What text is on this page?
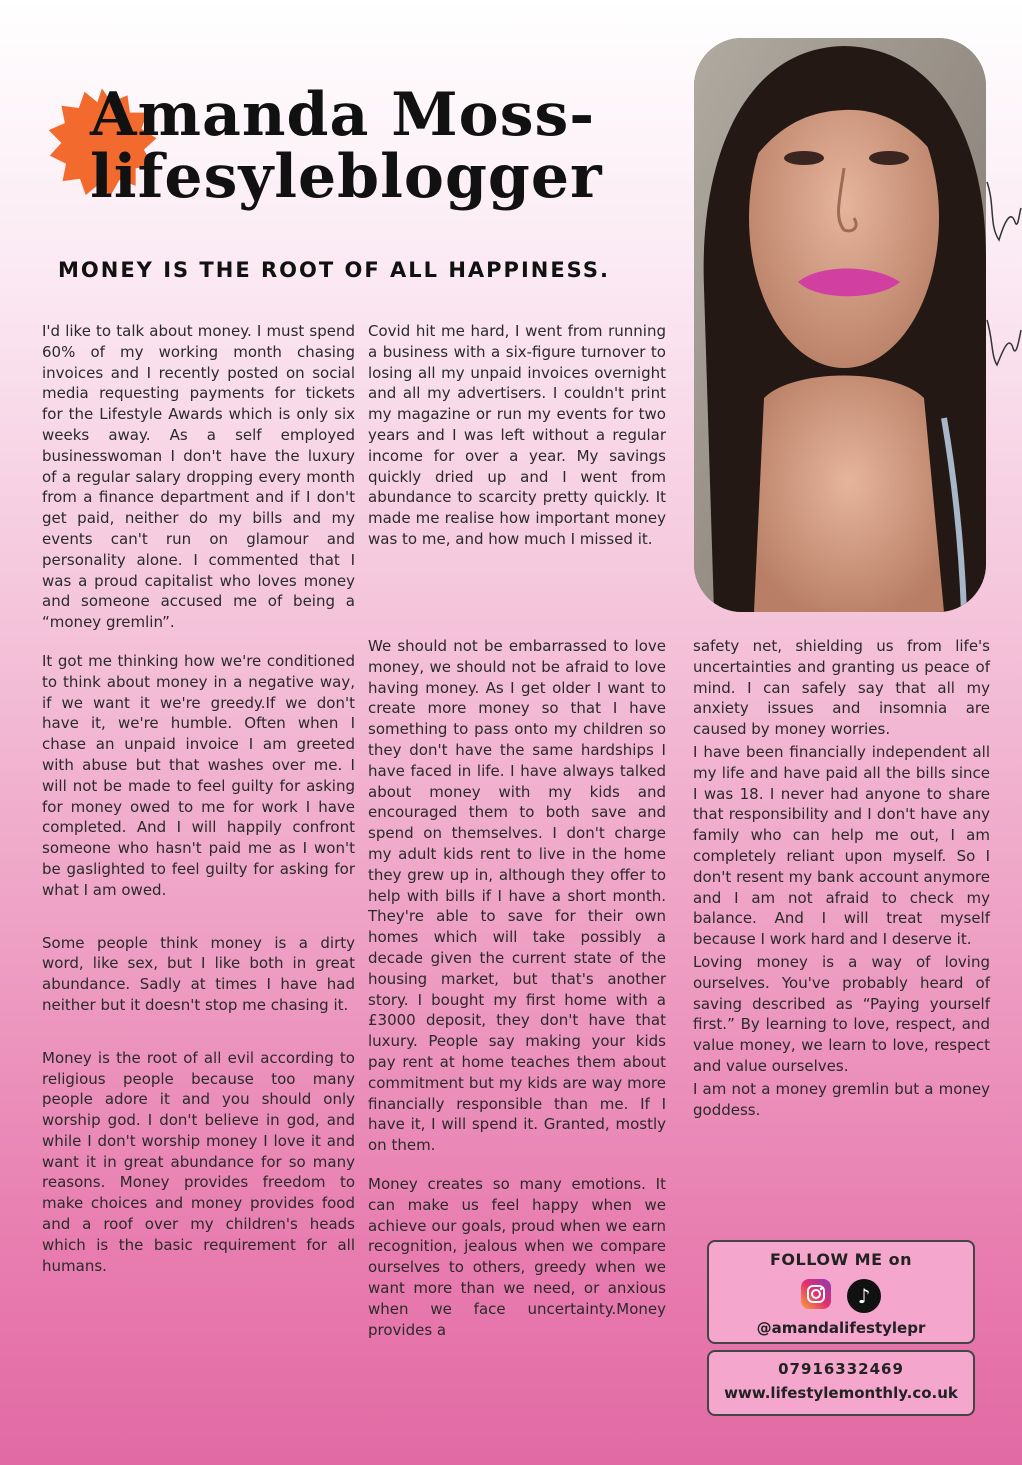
Amanda Moss-
lifesyleblogger
MONEY IS THE ROOT OF ALL HAPPINESS.

I'd like to talk about money. I must spend 60% of my working month chasing invoices and I recently posted on social media requesting payments for tickets for the Lifestyle Awards which is only six weeks away. As a self employed businesswoman I don't have the luxury of a regular salary dropping every month from a finance department and if I don't get paid, neither do my bills and my events can't run on glamour and personality alone. I commented that I was a proud capitalist who loves money and someone accused me of being a “money gremlin”.

It got me thinking how we're conditioned to think about money in a negative way, if we want it we're greedy.If we don't have it, we're humble. Often when I chase an unpaid invoice I am greeted with abuse but that washes over me. I will not be made to feel guilty for asking for money owed to me for work I have completed. And I will happily confront someone who hasn't paid me as I won't be gaslighted to feel guilty for asking for what I am owed.

Some people think money is a dirty word, like sex, but I like both in great abundance. Sadly at times I have had neither but it doesn't stop me chasing it.

Money is the root of all evil according to religious people because too many people adore it and you should only worship god. I don't believe in god, and while I don't worship money I love it and want it in great abundance for so many reasons. Money provides freedom to make choices and money provides food and a roof over my children's heads which is the basic requirement for all humans.

Covid hit me hard, I went from running a business with a six-figure turnover to losing all my unpaid invoices overnight and all my advertisers. I couldn't print my magazine or run my events for two years and I was left without a regular income for over a year. My savings quickly dried up and I went from abundance to scarcity pretty quickly. It made me realise how important money was to me, and how much I missed it.

We should not be embarrassed to love money, we should not be afraid to love having money. As I get older I want to create more money so that I have something to pass onto my children so they don't have the same hardships I have faced in life. I have always talked about money with my kids and encouraged them to both save and spend on themselves. I don't charge my adult kids rent to live in the home they grew up in, although they offer to help with bills if I have a short month. They're able to save for their own homes which will take possibly a decade given the current state of the housing market, but that's another story. I bought my first home with a £3000 deposit, they don't have that luxury. People say making your kids pay rent at home teaches them about commitment but my kids are way more financially responsible than me. If I have it, I will spend it. Granted, mostly on them.

Money creates so many emotions. It can make us feel happy when we achieve our goals, proud when we earn recognition, jealous when we compare ourselves to others, greedy when we want more than we need, or anxious when we face uncertainty.Money provides a

safety net, shielding us from life's uncertainties and granting us peace of mind. I can safely say that all my anxiety issues and insomnia are caused by money worries.

I have been financially independent all my life and have paid all the bills since I was 18. I never had anyone to share that responsibility and I don't have any family who can help me out, I am completely reliant upon myself. So I don't resent my bank account anymore and I am not afraid to check my balance. And I will treat myself because I work hard and I deserve it.

Loving money is a way of loving ourselves. You've probably heard of saving described as “Paying yourself first.” By learning to love, respect, and value money, we learn to love, respect and value ourselves.

I am not a money gremlin but a money goddess.

FOLLOW ME on
♪
@amandalifestylepr
07916332469
www.lifestylemonthly.co.uk
